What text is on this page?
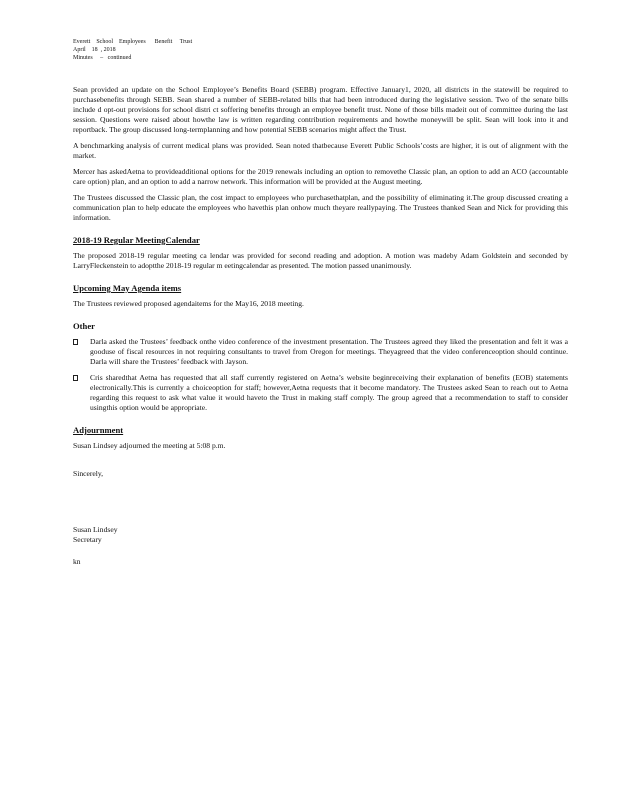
Everett    School    Employees      Benefit     Trust
April    18  , 2018
Minutes     –   continued

Sean provided an update on the School Employee’s Benefits Board (SEBB) program. Effective January1, 2020, all districts in the statewill be required to purchasebenefits through SEBB. Sean shared a number of SEBB-related bills that had been introduced during the legislative session. Two of the senate bills include d opt-out provisions for school distri ct soffering benefits through an employee benefit trust. None of those bills madeit out of committee during the last session. Questions were raised about howthe law is written regarding contribution requirements and howthe moneywill be split. Sean will look into it and reportback. The group discussed long-termplanning and how potential SEBB scenarios might affect the Trust.

A benchmarking analysis of current medical plans was provided. Sean noted thatbecause Everett Public Schools’costs are higher, it is out of alignment with the market.

Mercer has askedAetna to provideadditional options for the 2019 renewals including an option to removethe Classic plan, an option to add an ACO (accountable care option) plan, and an option to add a narrow network. This information will be provided at the August meeting.

The Trustees discussed the Classic plan, the cost impact to employees who purchasethatplan, and the possibility of eliminating it.The group discussed creating a communication plan to help educate the employees who havethis plan onhow much theyare reallypaying. The Trustees thanked Sean and Nick for providing this information.

2018-19 Regular MeetingCalendar

The proposed 2018-19 regular meeting ca lendar was provided for second reading and adoption. A motion was madeby Adam Goldstein and seconded by LarryFleckenstein to adoptthe 2018-19 regular m eetingcalendar as presented. The motion passed unanimously.

Upcoming May Agenda items

The Trustees reviewed proposed agendaitems for the May16, 2018 meeting.

Other
Darla asked the Trustees’ feedback onthe video conference of the investment presentation. The Trustees agreed they liked the presentation and felt it was a gooduse of fiscal resources in not requiring consultants to travel from Oregon for meetings. Theyagreed that the video conferenceoption should continue. Darla will share the Trustees’ feedback with Jayson.
Cris sharedthat Aetna has requested that all staff currently registered on Aetna’s website beginreceiving their explanation of benefits (EOB) statements electronically.This is currently a choiceoption for staff; however,Aetna requests that it become mandatory. The Trustees asked Sean to reach out to Aetna regarding this request to ask what value it would haveto the Trust in making staff comply. The group agreed that a recommendation to staff to consider usingthis option would be appropriate.
Adjournment

Susan Lindsey adjourned the meeting at 5:08 p.m.

Sincerely,

Susan Lindsey

Secretary

kn
